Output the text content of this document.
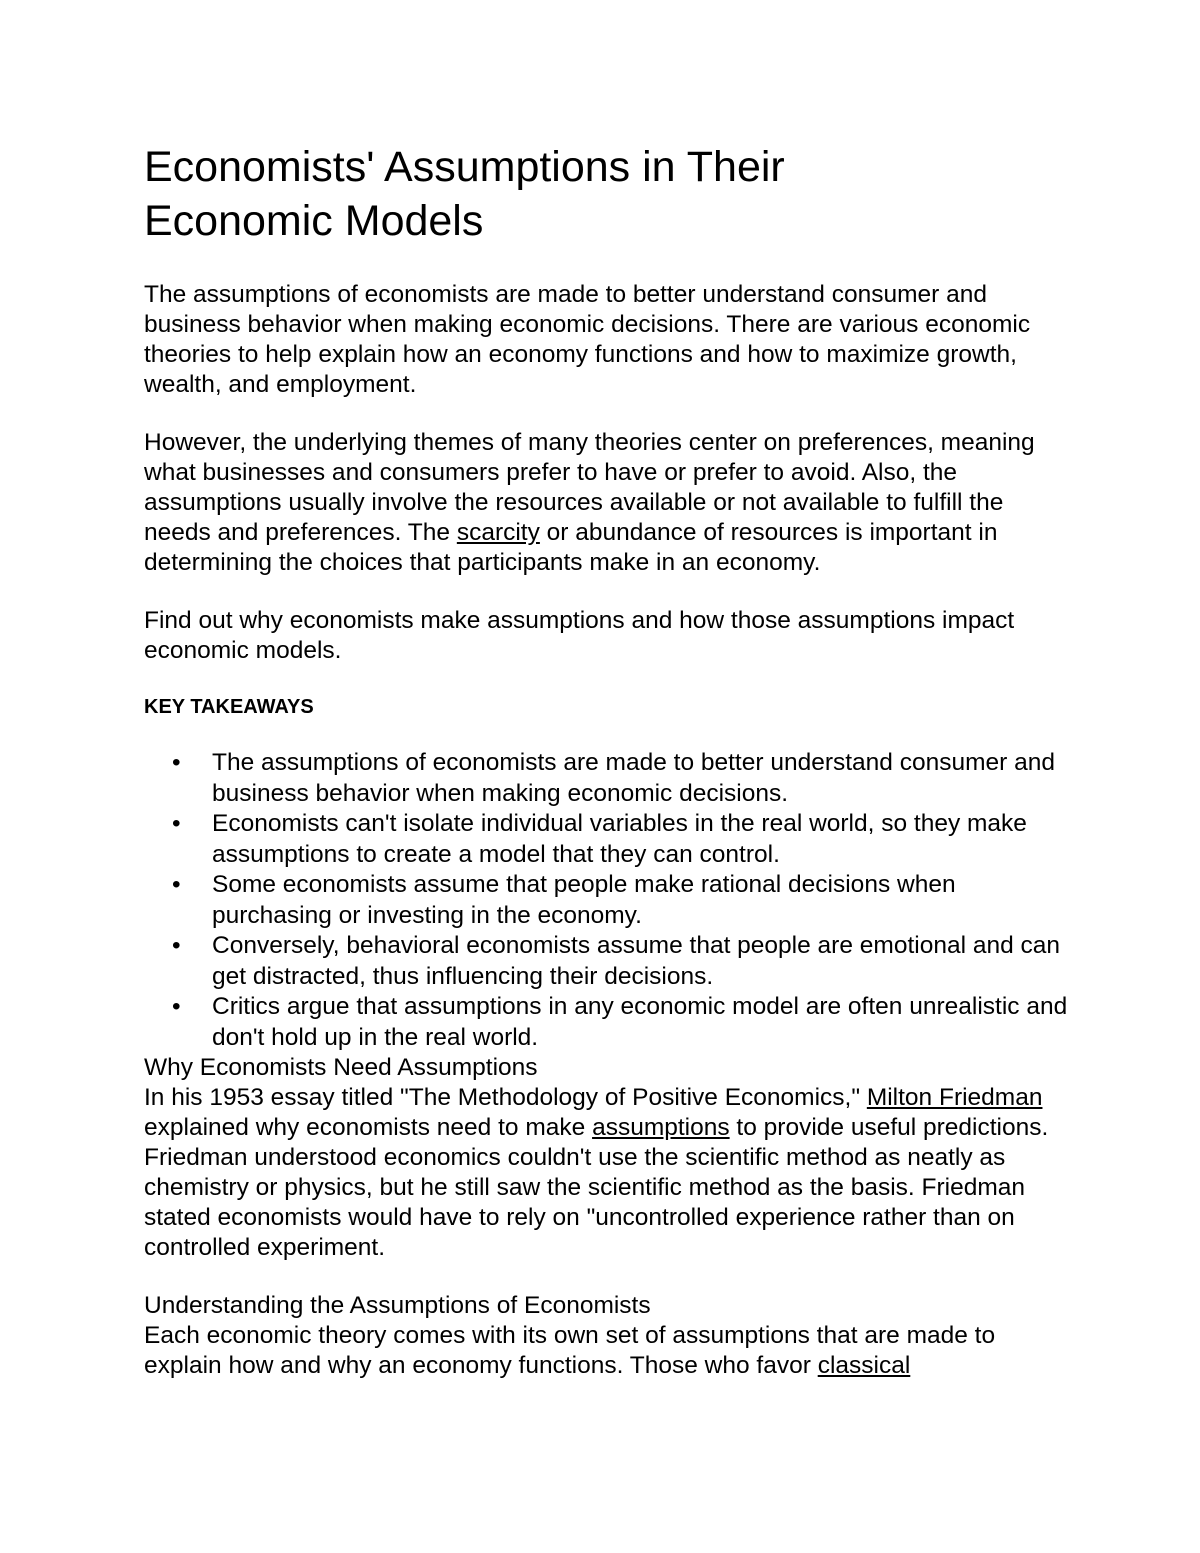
Economists' Assumptions in Their
Economic Models

The assumptions of economists are made to better understand consumer and business behavior when making economic decisions. There are various economic theories to help explain how an economy functions and how to maximize growth, wealth, and employment.

However, the underlying themes of many theories center on preferences, meaning what businesses and consumers prefer to have or prefer to avoid. Also, the assumptions usually involve the resources available or not available to fulfill the needs and preferences. The scarcity or abundance of resources is important in determining the choices that participants make in an economy.

Find out why economists make assumptions and how those assumptions impact economic models.

KEY TAKEAWAYS
•	The assumptions of economists are made to better understand consumer and business behavior when making economic decisions.
•	Economists can't isolate individual variables in the real world, so they make assumptions to create a model that they can control.
•	Some economists assume that people make rational decisions when purchasing or investing in the economy.
•	Conversely, behavioral economists assume that people are emotional and can get distracted, thus influencing their decisions.
•	Critics argue that assumptions in any economic model are often unrealistic and don't hold up in the real world.
Why Economists Need Assumptions

In his 1953 essay titled "The Methodology of Positive Economics," Milton Friedman explained why economists need to make assumptions to provide useful predictions. Friedman understood economics couldn't use the scientific method as neatly as chemistry or physics, but he still saw the scientific method as the basis. Friedman stated economists would have to rely on "uncontrolled experience rather than on controlled experiment.

Understanding the Assumptions of Economists

Each economic theory comes with its own set of assumptions that are made to explain how and why an economy functions. Those who favor classical
